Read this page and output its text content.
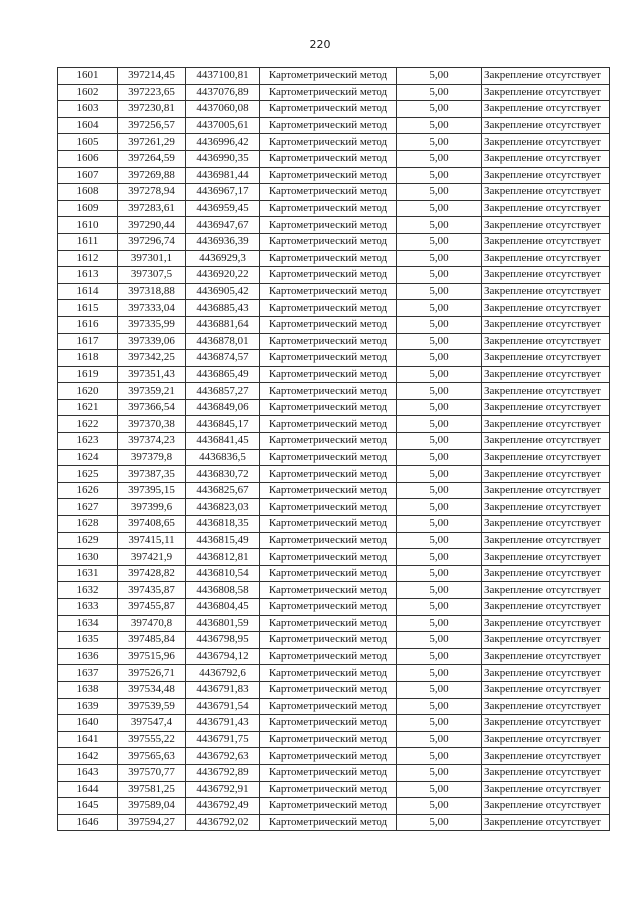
220
1601	397214,45	4437100,81	Картометрический метод	5,00	Закрепление отсутствует
1602	397223,65	4437076,89	Картометрический метод	5,00	Закрепление отсутствует
1603	397230,81	4437060,08	Картометрический метод	5,00	Закрепление отсутствует
1604	397256,57	4437005,61	Картометрический метод	5,00	Закрепление отсутствует
1605	397261,29	4436996,42	Картометрический метод	5,00	Закрепление отсутствует
1606	397264,59	4436990,35	Картометрический метод	5,00	Закрепление отсутствует
1607	397269,88	4436981,44	Картометрический метод	5,00	Закрепление отсутствует
1608	397278,94	4436967,17	Картометрический метод	5,00	Закрепление отсутствует
1609	397283,61	4436959,45	Картометрический метод	5,00	Закрепление отсутствует
1610	397290,44	4436947,67	Картометрический метод	5,00	Закрепление отсутствует
1611	397296,74	4436936,39	Картометрический метод	5,00	Закрепление отсутствует
1612	397301,1	4436929,3	Картометрический метод	5,00	Закрепление отсутствует
1613	397307,5	4436920,22	Картометрический метод	5,00	Закрепление отсутствует
1614	397318,88	4436905,42	Картометрический метод	5,00	Закрепление отсутствует
1615	397333,04	4436885,43	Картометрический метод	5,00	Закрепление отсутствует
1616	397335,99	4436881,64	Картометрический метод	5,00	Закрепление отсутствует
1617	397339,06	4436878,01	Картометрический метод	5,00	Закрепление отсутствует
1618	397342,25	4436874,57	Картометрический метод	5,00	Закрепление отсутствует
1619	397351,43	4436865,49	Картометрический метод	5,00	Закрепление отсутствует
1620	397359,21	4436857,27	Картометрический метод	5,00	Закрепление отсутствует
1621	397366,54	4436849,06	Картометрический метод	5,00	Закрепление отсутствует
1622	397370,38	4436845,17	Картометрический метод	5,00	Закрепление отсутствует
1623	397374,23	4436841,45	Картометрический метод	5,00	Закрепление отсутствует
1624	397379,8	4436836,5	Картометрический метод	5,00	Закрепление отсутствует
1625	397387,35	4436830,72	Картометрический метод	5,00	Закрепление отсутствует
1626	397395,15	4436825,67	Картометрический метод	5,00	Закрепление отсутствует
1627	397399,6	4436823,03	Картометрический метод	5,00	Закрепление отсутствует
1628	397408,65	4436818,35	Картометрический метод	5,00	Закрепление отсутствует
1629	397415,11	4436815,49	Картометрический метод	5,00	Закрепление отсутствует
1630	397421,9	4436812,81	Картометрический метод	5,00	Закрепление отсутствует
1631	397428,82	4436810,54	Картометрический метод	5,00	Закрепление отсутствует
1632	397435,87	4436808,58	Картометрический метод	5,00	Закрепление отсутствует
1633	397455,87	4436804,45	Картометрический метод	5,00	Закрепление отсутствует
1634	397470,8	4436801,59	Картометрический метод	5,00	Закрепление отсутствует
1635	397485,84	4436798,95	Картометрический метод	5,00	Закрепление отсутствует
1636	397515,96	4436794,12	Картометрический метод	5,00	Закрепление отсутствует
1637	397526,71	4436792,6	Картометрический метод	5,00	Закрепление отсутствует
1638	397534,48	4436791,83	Картометрический метод	5,00	Закрепление отсутствует
1639	397539,59	4436791,54	Картометрический метод	5,00	Закрепление отсутствует
1640	397547,4	4436791,43	Картометрический метод	5,00	Закрепление отсутствует
1641	397555,22	4436791,75	Картометрический метод	5,00	Закрепление отсутствует
1642	397565,63	4436792,63	Картометрический метод	5,00	Закрепление отсутствует
1643	397570,77	4436792,89	Картометрический метод	5,00	Закрепление отсутствует
1644	397581,25	4436792,91	Картометрический метод	5,00	Закрепление отсутствует
1645	397589,04	4436792,49	Картометрический метод	5,00	Закрепление отсутствует
1646	397594,27	4436792,02	Картометрический метод	5,00	Закрепление отсутствует
